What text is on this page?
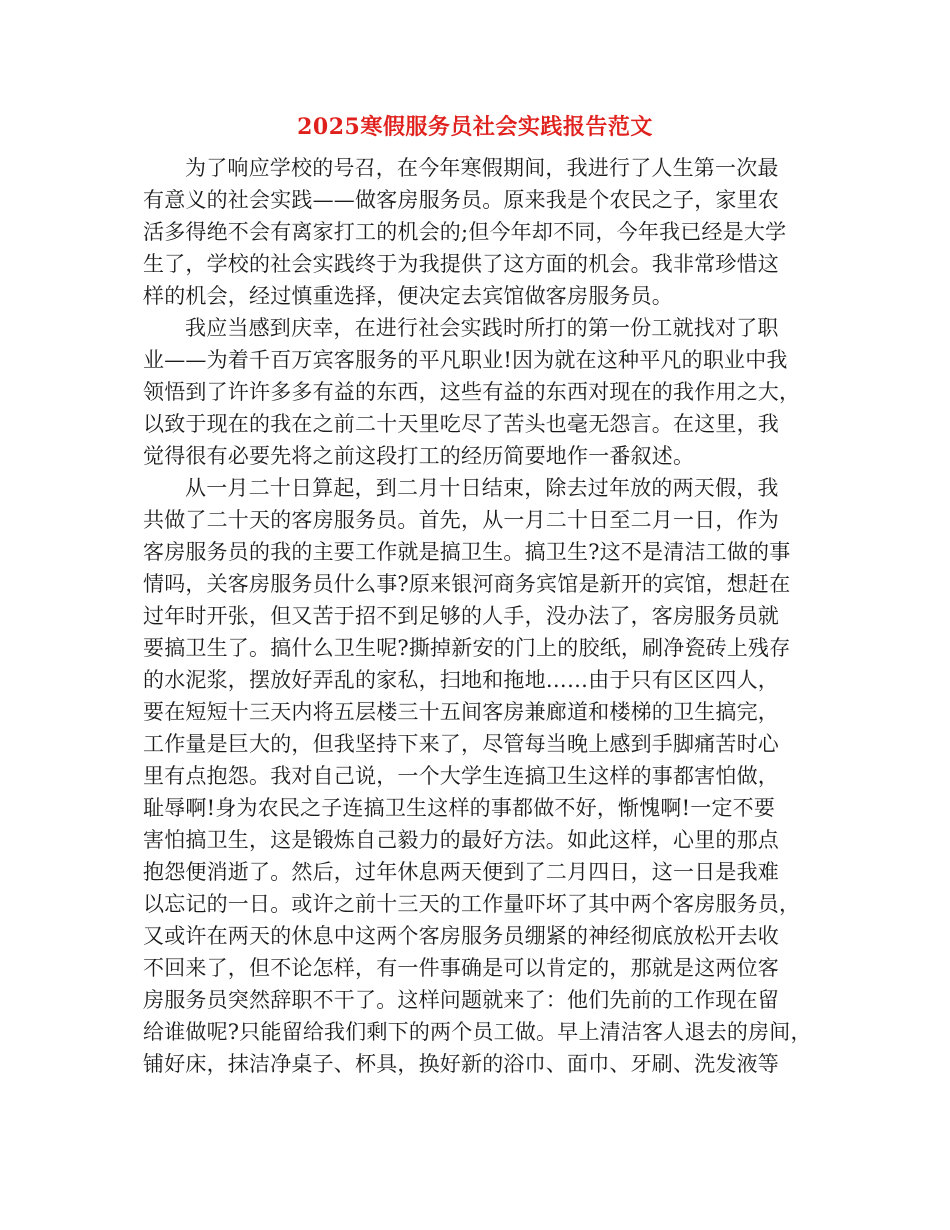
2025寒假服务员社会实践报告范文
为了响应学校的号召，在今年寒假期间，我进行了人生第一次最
有意义的社会实践——做客房服务员。原来我是个农民之子，家里农
活多得绝不会有离家打工的机会的;但今年却不同，今年我已经是大学
生了，学校的社会实践终于为我提供了这方面的机会。我非常珍惜这
样的机会，经过慎重选择，便决定去宾馆做客房服务员。
我应当感到庆幸，在进行社会实践时所打的第一份工就找对了职
业——为着千百万宾客服务的平凡职业!因为就在这种平凡的职业中我
领悟到了许许多多有益的东西，这些有益的东西对现在的我作用之大，
以致于现在的我在之前二十天里吃尽了苦头也毫无怨言。在这里，我
觉得很有必要先将之前这段打工的经历简要地作一番叙述。
从一月二十日算起，到二月十日结束，除去过年放的两天假，我
共做了二十天的客房服务员。首先，从一月二十日至二月一日，作为
客房服务员的我的主要工作就是搞卫生。搞卫生?这不是清洁工做的事
情吗，关客房服务员什么事?原来银河商务宾馆是新开的宾馆，想赶在
过年时开张，但又苦于招不到足够的人手，没办法了，客房服务员就
要搞卫生了。搞什么卫生呢?撕掉新安的门上的胶纸，刷净瓷砖上残存
的水泥浆，摆放好弄乱的家私，扫地和拖地……由于只有区区四人，
要在短短十三天内将五层楼三十五间客房兼廊道和楼梯的卫生搞完，
工作量是巨大的，但我坚持下来了，尽管每当晚上感到手脚痛苦时心
里有点抱怨。我对自己说，一个大学生连搞卫生这样的事都害怕做，
耻辱啊!身为农民之子连搞卫生这样的事都做不好，惭愧啊!一定不要
害怕搞卫生，这是锻炼自己毅力的最好方法。如此这样，心里的那点
抱怨便消逝了。然后，过年休息两天便到了二月四日，这一日是我难
以忘记的一日。或许之前十三天的工作量吓坏了其中两个客房服务员，
又或许在两天的休息中这两个客房服务员绷紧的神经彻底放松开去收
不回来了，但不论怎样，有一件事确是可以肯定的，那就是这两位客
房服务员突然辞职不干了。这样问题就来了：他们先前的工作现在留
给谁做呢?只能留给我们剩下的两个员工做。早上清洁客人退去的房间，
铺好床，抹洁净桌子、杯具，换好新的浴巾、面巾、牙刷、洗发液等
